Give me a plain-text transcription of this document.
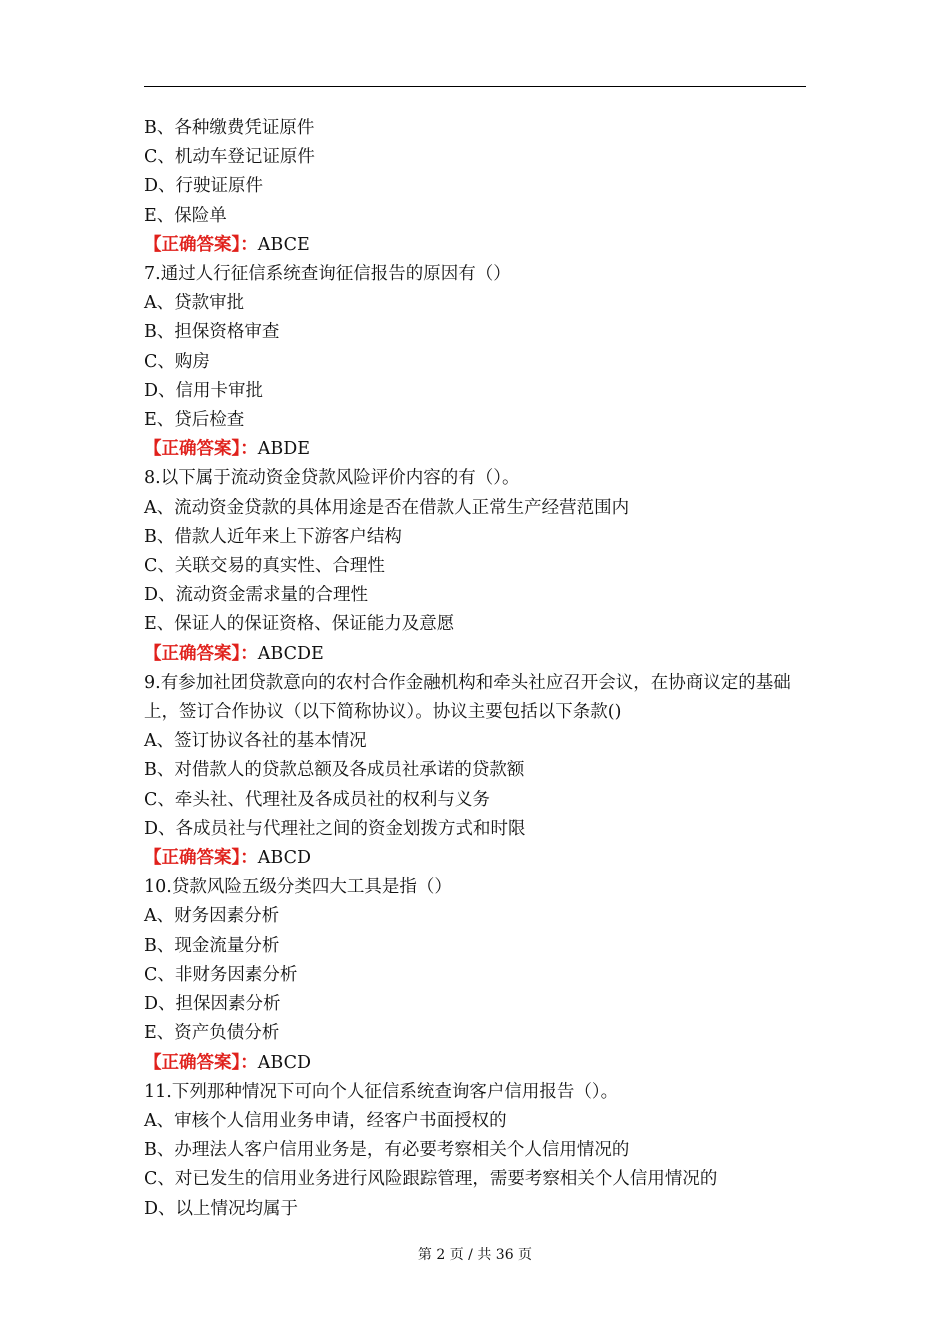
B、各种缴费凭证原件
C、机动车登记证原件
D、行驶证原件
E、保险单
【正确答案】：ABCE
7.通过人行征信系统查询征信报告的原因有（）
A、贷款审批
B、担保资格审查
C、购房
D、信用卡审批
E、贷后检查
【正确答案】：ABDE
8.以下属于流动资金贷款风险评价内容的有（）。
A、流动资金贷款的具体用途是否在借款人正常生产经营范围内
B、借款人近年来上下游客户结构
C、关联交易的真实性、合理性
D、流动资金需求量的合理性
E、保证人的保证资格、保证能力及意愿
【正确答案】：ABCDE
9.有参加社团贷款意向的农村合作金融机构和牵头社应召开会议，在协商议定的基础上，签订合作协议（以下简称协议）。协议主要包括以下条款()
A、签订协议各社的基本情况
B、对借款人的贷款总额及各成员社承诺的贷款额
C、牵头社、代理社及各成员社的权利与义务
D、各成员社与代理社之间的资金划拨方式和时限
【正确答案】：ABCD
10.贷款风险五级分类四大工具是指（）
A、财务因素分析
B、现金流量分析
C、非财务因素分析
D、担保因素分析
E、资产负债分析
【正确答案】：ABCD
11.下列那种情况下可向个人征信系统查询客户信用报告（）。
A、审核个人信用业务申请，经客户书面授权的
B、办理法人客户信用业务是，有必要考察相关个人信用情况的
C、对已发生的信用业务进行风险跟踪管理，需要考察相关个人信用情况的
D、以上情况均属于
第 2 页 / 共 36 页
